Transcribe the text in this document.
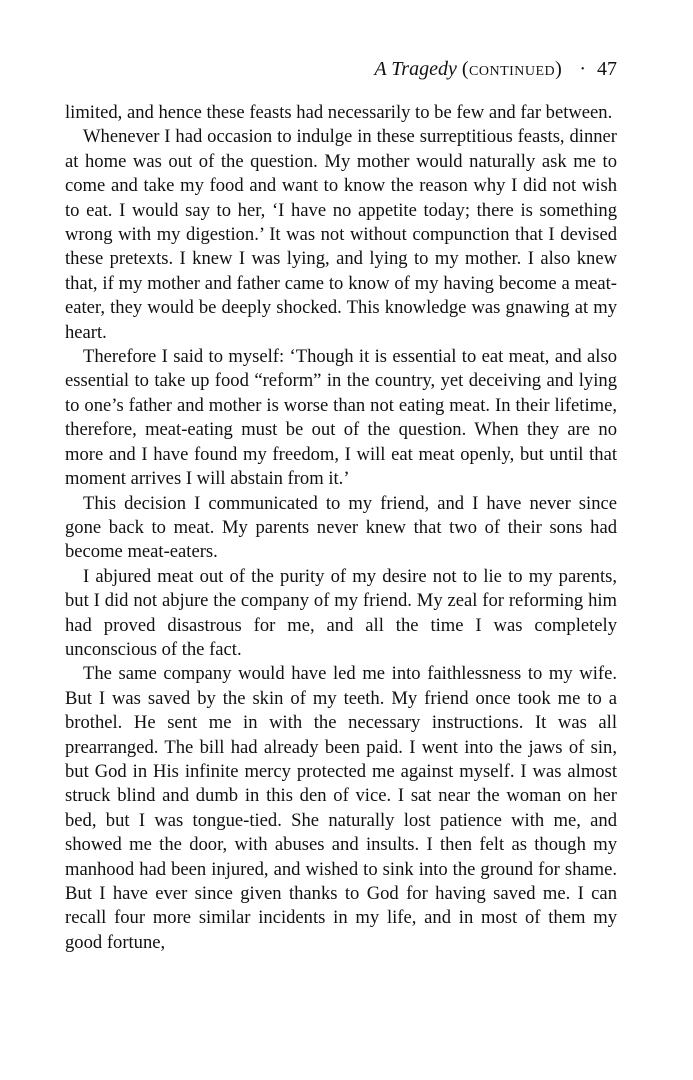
A Tragedy (continued) · 47

limited, and hence these feasts had necessarily to be few and far between.

Whenever I had occasion to indulge in these surreptitious feasts, dinner at home was out of the question. My mother would naturally ask me to come and take my food and want to know the reason why I did not wish to eat. I would say to her, ‘I have no appetite today; there is something wrong with my digestion.’ It was not without compunction that I devised these pretexts. I knew I was lying, and lying to my mother. I also knew that, if my mother and father came to know of my having become a meat-eater, they would be deeply shocked. This knowledge was gnawing at my heart.

Therefore I said to myself: ‘Though it is essential to eat meat, and also essential to take up food “reform” in the country, yet deceiving and lying to one’s father and mother is worse than not eating meat. In their lifetime, therefore, meat-eating must be out of the question. When they are no more and I have found my freedom, I will eat meat openly, but until that moment arrives I will abstain from it.’

This decision I communicated to my friend, and I have never since gone back to meat. My parents never knew that two of their sons had become meat-eaters.

I abjured meat out of the purity of my desire not to lie to my parents, but I did not abjure the company of my friend. My zeal for reforming him had proved disastrous for me, and all the time I was completely unconscious of the fact.

The same company would have led me into faithlessness to my wife. But I was saved by the skin of my teeth. My friend once took me to a brothel. He sent me in with the necessary instructions. It was all prearranged. The bill had already been paid. I went into the jaws of sin, but God in His infinite mercy protected me against myself. I was almost struck blind and dumb in this den of vice. I sat near the woman on her bed, but I was tongue-tied. She naturally lost patience with me, and showed me the door, with abuses and insults. I then felt as though my manhood had been injured, and wished to sink into the ground for shame. But I have ever since given thanks to God for having saved me. I can recall four more similar incidents in my life, and in most of them my good fortune,
